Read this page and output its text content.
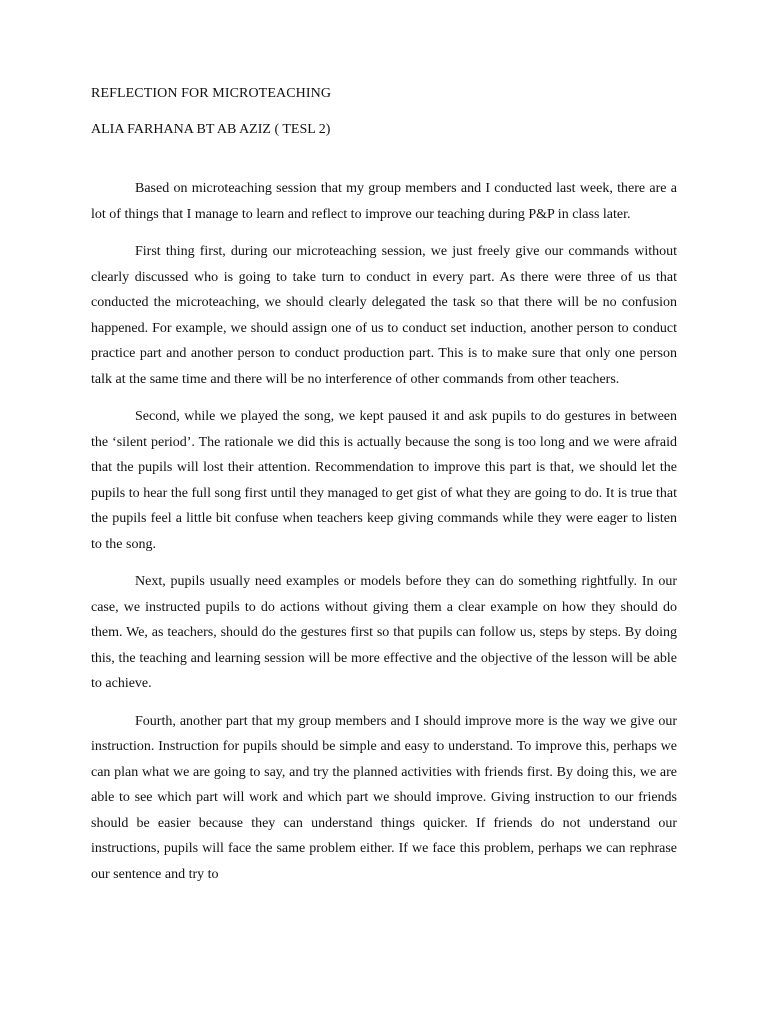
REFLECTION FOR MICROTEACHING
ALIA FARHANA BT AB AZIZ ( TESL 2)

Based on microteaching session that my group members and I conducted last week, there are a lot of things that I manage to learn and reflect to improve our teaching during P&P in class later.

First thing first, during our microteaching session, we just freely give our commands without clearly discussed who is going to take turn to conduct in every part. As there were three of us that conducted the microteaching, we should clearly delegated the task so that there will be no confusion happened. For example, we should assign one of us to conduct set induction, another person to conduct practice part and another person to conduct production part. This is to make sure that only one person talk at the same time and there will be no interference of other commands from other teachers.

Second, while we played the song, we kept paused it and ask pupils to do gestures in between the ‘silent period’. The rationale we did this is actually because the song is too long and we were afraid that the pupils will lost their attention. Recommendation to improve this part is that, we should let the pupils to hear the full song first until they managed to get gist of what they are going to do. It is true that the pupils feel a little bit confuse when teachers keep giving commands while they were eager to listen to the song.

Next, pupils usually need examples or models before they can do something rightfully. In our case, we instructed pupils to do actions without giving them a clear example on how they should do them. We, as teachers, should do the gestures first so that pupils can follow us, steps by steps. By doing this, the teaching and learning session will be more effective and the objective of the lesson will be able to achieve.

Fourth, another part that my group members and I should improve more is the way we give our instruction. Instruction for pupils should be simple and easy to understand. To improve this, perhaps we can plan what we are going to say, and try the planned activities with friends first. By doing this, we are able to see which part will work and which part we should improve. Giving instruction to our friends should be easier because they can understand things quicker. If friends do not understand our instructions, pupils will face the same problem either. If we face this problem, perhaps we can rephrase our sentence and try to
